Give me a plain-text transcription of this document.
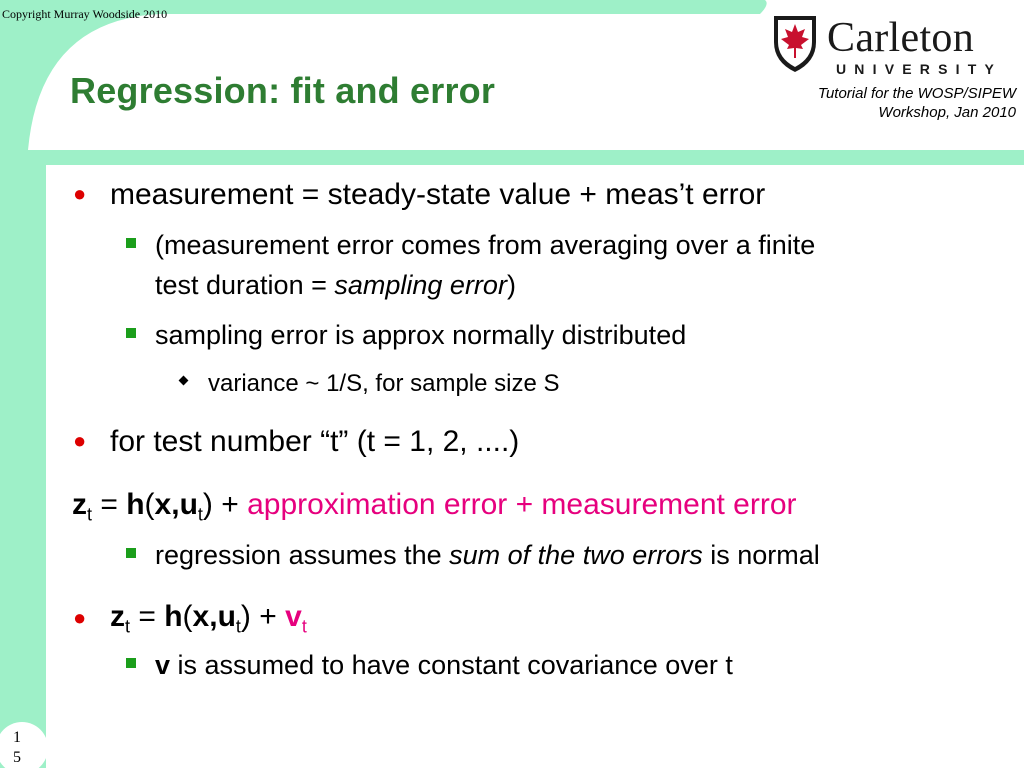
Copyright Murray Woodside 2010
Regression: fit and error	Tutorial for the WOSP/SIPEW
Workshop, Jan 2010
Carleton
UNIVERSITY
● measurement = steady-state value + meas’t error
(measurement error comes from averaging over a finite
test duration = sampling error)
sampling error is approx normally distributed
variance ~ 1/S, for sample size S
● for test number “t” (t = 1, 2, ....)
$z_t = h(x,u_t)$ + approximation error + measurement error
regression assumes the sum of the two errors is normal
● $z_t = h(x,u_t) + v_t$
v is assumed to have constant covariance over t
1
5
